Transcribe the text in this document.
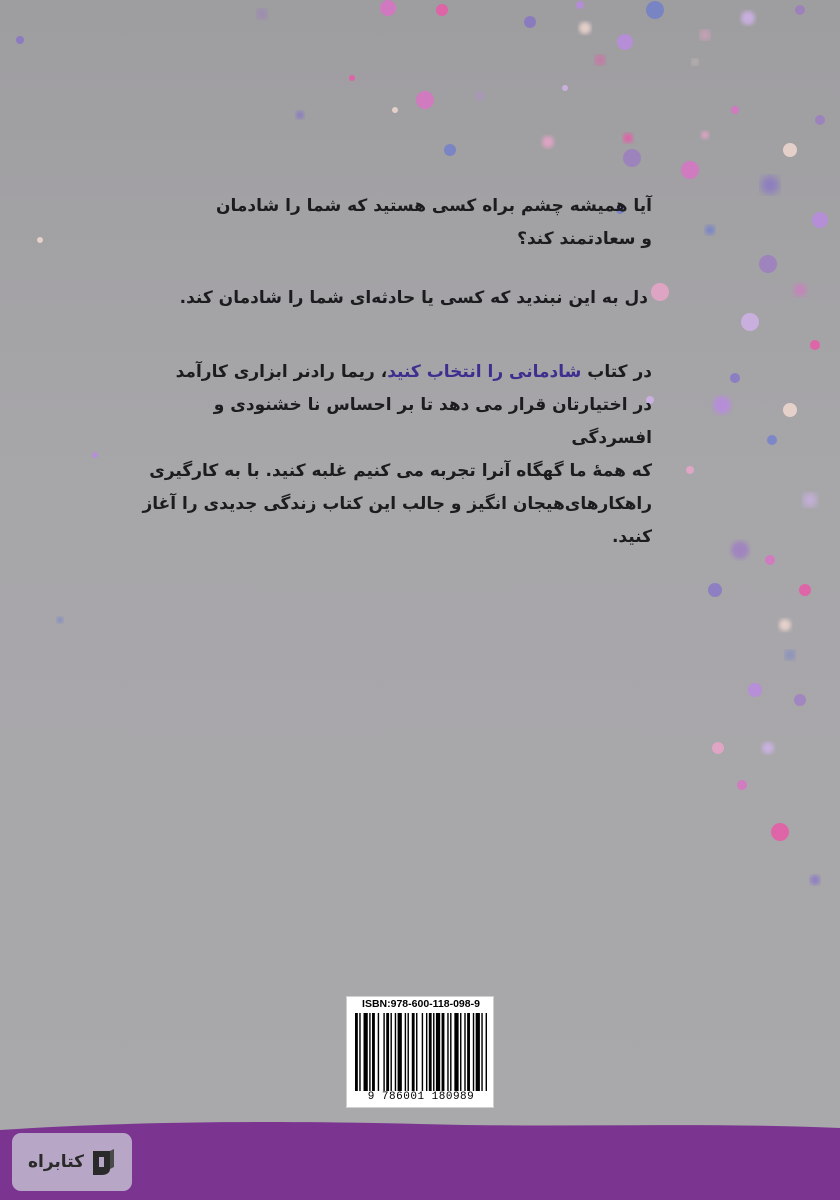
آیا همیشه چشم براه کسی هستید که شما را شادمان
و سعادتمند کند؟
دل به این نبندید که کسی یا حادثه‌ای شما را شادمان کند.
در کتاب شادمانی را انتخاب کنید، ریما رادنر ابزاری کارآمد
در اختیارتان قرار می دهد تا بر احساس نا خشنودی و افسردگی
که همهٔ ما گهگاه آنرا تجربه می کنیم غلبه کنید. با به کارگیری
راهکارهای‌هیجان انگیز و جالب این کتاب زندگی جدیدی را آغاز کنید.
ISBN:978-600-118-098-9
9 786001 180989
کتابراه
